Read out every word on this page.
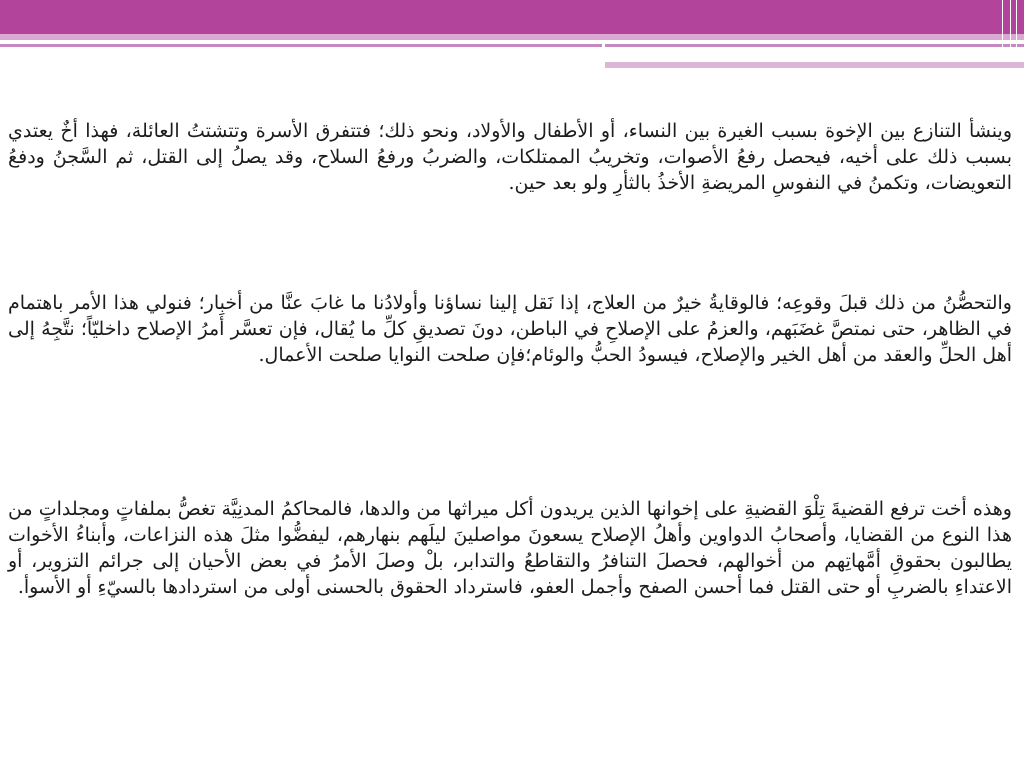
وينشأ التنازع بين الإخوة بسبب الغيرة بين النساء، أو الأطفال والأولاد، ونحو ذلك؛ فتتفرق الأسرة وتتشتتُ العائلة، فهذا أخٌ يعتدي بسبب ذلك على أخيه، فيحصل رفعُ الأصوات، وتخريبُ الممتلكات، والضربُ ورفعُ السلاح، وقد يصلُ إلى القتل، ثم السَّجنُ ودفعُ التعويضات، وتكمنُ في النفوسِ المريضةِ الأخذُ بالثأرِ ولو بعد حين.

والتحصُّنُ من ذلك قبلَ وقوعِه؛ فالوقايةُ خيرٌ من العلاج، إذا نَقل إلينا نساؤنا وأولادُنا ما غابَ عنَّا من أخبار؛ فنولي هذا الأمر باهتمام في الظاهر، حتى نمتصَّ غضَبَهم، والعزمُ على الإصلاحِ في الباطن، دونَ تصديقِ كلِّ ما يُقال، فإن تعسَّر أَمرُ الإصلاح داخليّاً؛ نتَّجِهُ إلى أهل الحلِّ والعقد من أهل الخير والإصلاح، فيسودُ الحبُّ والوئام؛فإن صلحت النوايا صلحت الأعمال.

وهذه أخت ترفع القضيةَ تِلْوَ القضيةِ على إخوانها الذين يريدون أكل ميراثها من والدها، فالمحاكمُ المدنِيَّة تغصُّ بملفاتٍ ومجلداتٍ من هذا النوع من القضايا، وأصحابُ الدواوين وأهلُ الإصلاح يسعونَ مواصلينَ ليلَهم بنهارهم، ليفضُّوا مثلَ هذه النزاعات، وأبناءُ الأخوات يطالبون بحقوقِ أمَّهاتِهم من أخوالهم، فحصلَ التنافرُ والتقاطعُ والتدابر، بلْ وصلَ الأمرُ في بعض الأحيان إلى جرائم التزوير، أو الاعتداءِ بالضربِ أو حتى القتل فما أحسن الصفح وأجمل العفو، فاسترداد الحقوق بالحسنى أولى من استردادها بالسيّءِ أو الأسوأ.
